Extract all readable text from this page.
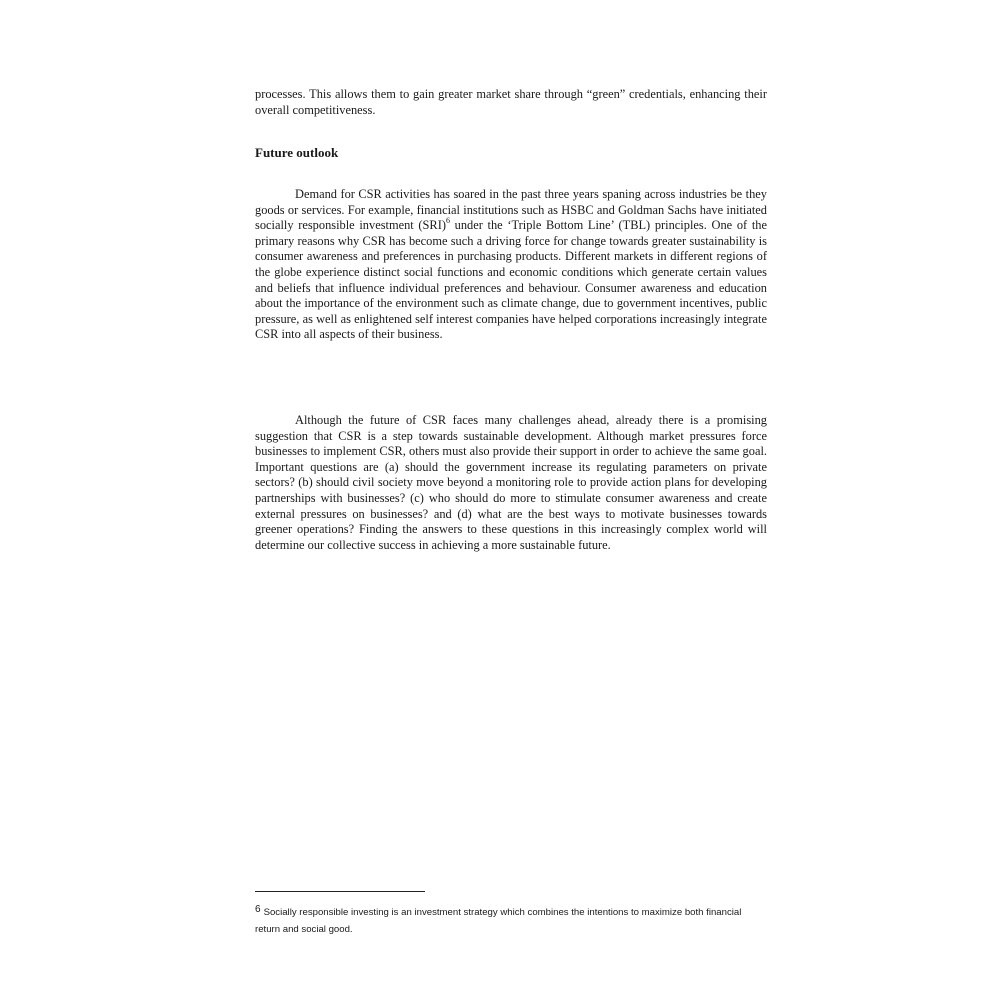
processes. This allows them to gain greater market share through “green” credentials, enhancing their overall competitiveness.

Future outlook

Demand for CSR activities has soared in the past three years spaning across industries be they goods or services. For example, financial institutions such as HSBC and Goldman Sachs have initiated socially responsible investment (SRI)$^6$ under the ‘Triple Bottom Line’ (TBL) principles. One of the primary reasons why CSR has become such a driving force for change towards greater sustainability is consumer awareness and preferences in purchasing products. Different markets in different regions of the globe experience distinct social functions and economic conditions which generate certain values and beliefs that influence individual preferences and behaviour. Consumer awareness and education about the importance of the environment such as climate change, due to government incentives, public pressure, as well as enlightened self interest companies have helped corporations increasingly integrate CSR into all aspects of their business.

Although the future of CSR faces many challenges ahead, already there is a promising suggestion that CSR is a step towards sustainable development. Although market pressures force businesses to implement CSR, others must also provide their support in order to achieve the same goal. Important questions are (a) should the government increase its regulating parameters on private sectors? (b) should civil society move beyond a monitoring role to provide action plans for developing partnerships with businesses? (c) who should do more to stimulate consumer awareness and create external pressures on businesses? and (d) what are the best ways to motivate businesses towards greener operations? Finding the answers to these questions in this increasingly complex world will determine our collective success in achieving a more sustainable future.

6 Socially responsible investing is an investment strategy which combines the intentions to maximize both financial return and social good.
